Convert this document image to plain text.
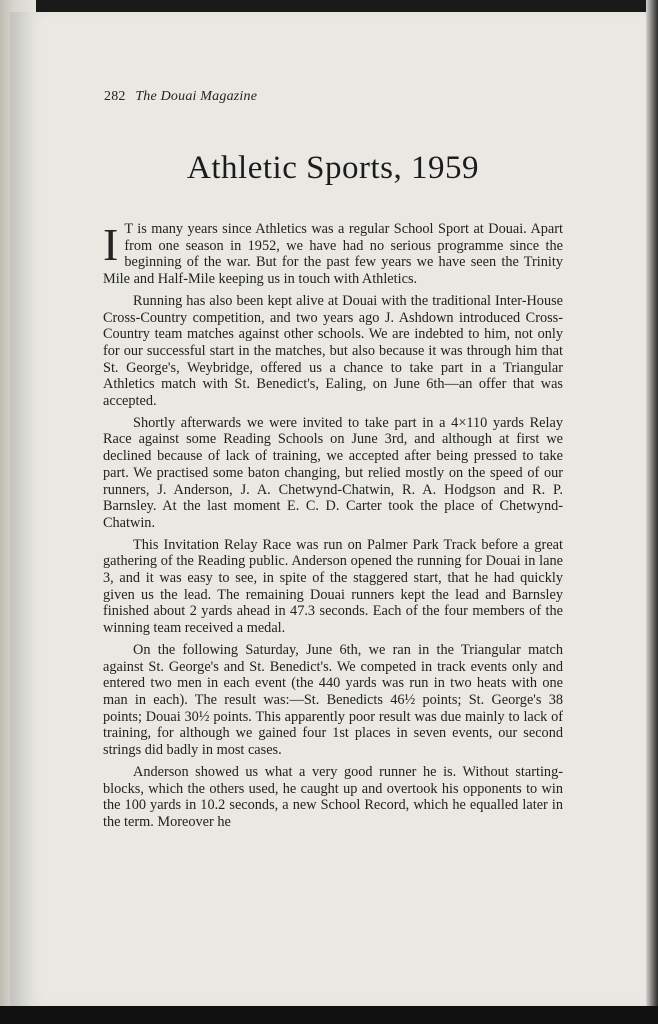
282 The Douai Magazine
Athletic Sports, 1959

I T is many years since Athletics was a regular School Sport at Douai. Apart from one season in 1952, we have had no serious programme since the beginning of the war. But for the past few years we have seen the Trinity Mile and Half-Mile keeping us in touch with Athletics.

Running has also been kept alive at Douai with the traditional Inter-House Cross-Country competition, and two years ago J. Ashdown introduced Cross-Country team matches against other schools. We are indebted to him, not only for our successful start in the matches, but also because it was through him that St. George's, Weybridge, offered us a chance to take part in a Triangular Athletics match with St. Benedict's, Ealing, on June 6th—an offer that was accepted.

Shortly afterwards we were invited to take part in a 4×110 yards Relay Race against some Reading Schools on June 3rd, and although at first we declined because of lack of training, we accepted after being pressed to take part. We practised some baton changing, but relied mostly on the speed of our runners, J. Anderson, J. A. Chetwynd-Chatwin, R. A. Hodgson and R. P. Barnsley. At the last moment E. C. D. Carter took the place of Chetwynd-Chatwin.

This Invitation Relay Race was run on Palmer Park Track before a great gathering of the Reading public. Anderson opened the running for Douai in lane 3, and it was easy to see, in spite of the staggered start, that he had quickly given us the lead. The remaining Douai runners kept the lead and Barnsley finished about 2 yards ahead in 47.3 seconds. Each of the four members of the winning team received a medal.

On the following Saturday, June 6th, we ran in the Triangular match against St. George's and St. Benedict's. We competed in track events only and entered two men in each event (the 440 yards was run in two heats with one man in each). The result was:—St. Benedicts 46½ points; St. George's 38 points; Douai 30½ points. This apparently poor result was due mainly to lack of training, for although we gained four 1st places in seven events, our second strings did badly in most cases.

Anderson showed us what a very good runner he is. Without starting-blocks, which the others used, he caught up and overtook his opponents to win the 100 yards in 10.2 seconds, a new School Record, which he equalled later in the term. Moreover he
